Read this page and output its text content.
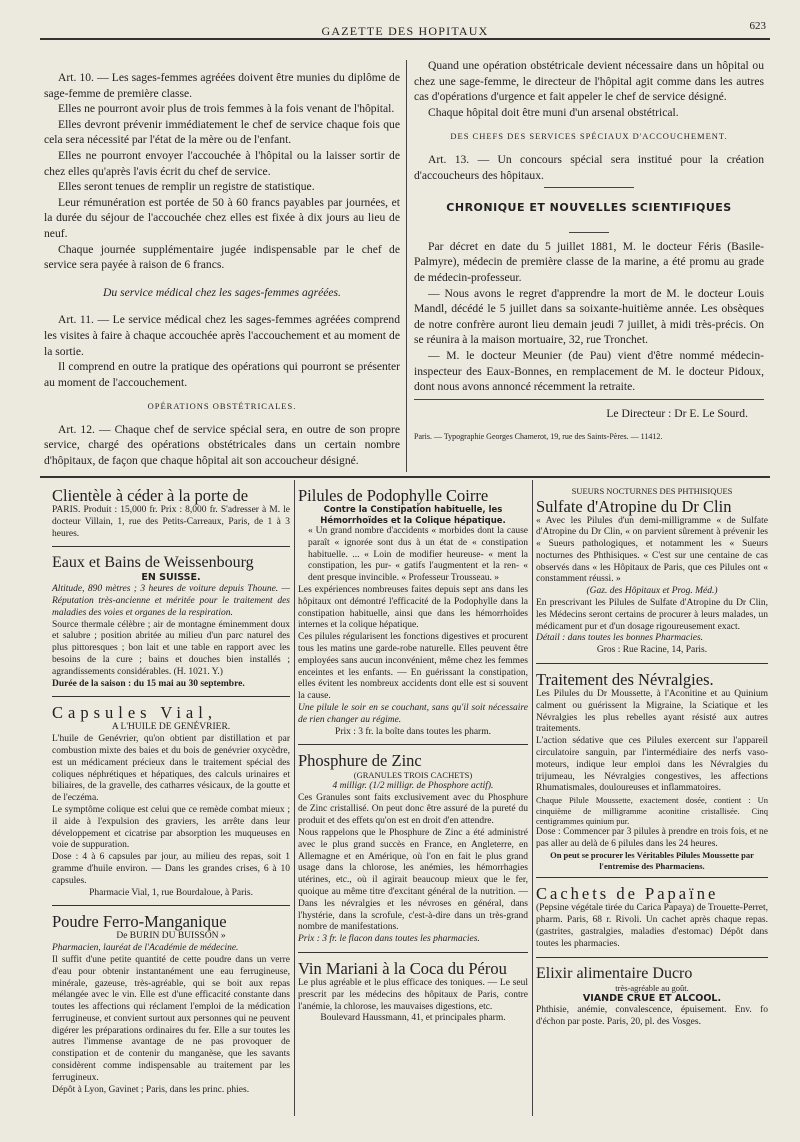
GAZETTE DES HOPITAUX	623

Art. 10. — Les sages-femmes agréées doivent être munies du diplôme de sage-femme de première classe.

Elles ne pourront avoir plus de trois femmes à la fois venant de l'hôpital.

Elles devront prévenir immédiatement le chef de service chaque fois que cela sera nécessité par l'état de la mère ou de l'enfant.

Elles ne pourront envoyer l'accouchée à l'hôpital ou la laisser sortir de chez elles qu'après l'avis écrit du chef de service.

Elles seront tenues de remplir un registre de statistique.

Leur rémunération est portée de 50 à 60 francs payables par journées, et la durée du séjour de l'accouchée chez elles est fixée à dix jours au lieu de neuf.

Chaque journée supplémentaire jugée indispensable par le chef de service sera payée à raison de 6 francs.

Du service médical chez les sages-femmes agréées.

Art. 11. — Le service médical chez les sages-femmes agréées comprend les visites à faire à chaque accouchée après l'accouchement et au moment de la sortie.

Il comprend en outre la pratique des opérations qui pourront se présenter au moment de l'accouchement.

OPÉRATIONS OBSTÉTRICALES.

Art. 12. — Chaque chef de service spécial sera, en outre de son propre service, chargé des opérations obstétricales dans un certain nombre d'hôpitaux, de façon que chaque hôpital ait son accoucheur désigné.

Quand une opération obstétricale devient nécessaire dans un hôpital ou chez une sage-femme, le directeur de l'hôpital agit comme dans les autres cas d'opérations d'urgence et fait appeler le chef de service désigné.

Chaque hôpital doit être muni d'un arsenal obstétrical.

DES CHEFS DES SERVICES SPÉCIAUX D'ACCOUCHEMENT.

Art. 13. — Un concours spécial sera institué pour la création d'accoucheurs des hôpitaux.

CHRONIQUE ET NOUVELLES SCIENTIFIQUES

Par décret en date du 5 juillet 1881, M. le docteur Féris (Basile-Palmyre), médecin de première classe de la marine, a été promu au grade de médecin-professeur.

— Nous avons le regret d'apprendre la mort de M. le docteur Louis Mandl, décédé le 5 juillet dans sa soixante-huitième année. Les obsèques de notre confrère auront lieu demain jeudi 7 juillet, à midi très-précis. On se réunira à la maison mortuaire, 32, rue Tronchet.

— M. le docteur Meunier (de Pau) vient d'être nommé médecin-inspecteur des Eaux-Bonnes, en remplacement de M. le docteur Pidoux, dont nous avons annoncé récemment la retraite.

Le Directeur : Dr E. Le Sourd.
Paris. — Typographie Georges Chamerot, 19, rue des Saints-Pères. — 11412.
Clientèle à céder à la porte de

PARIS. Produit : 15,000 fr. Prix : 8,000 fr. S'adresser à M. le docteur Villain, 1, rue des Petits-Carreaux, Paris, de 1 à 3 heures.

Eaux et Bains de Weissenbourg
EN SUISSE.

Altitude, 890 mètres ; 3 heures de voiture depuis Thoune. — Réputation très-ancienne et méritée pour le traitement des maladies des voies et organes de la respiration.

Source thermale célèbre ; air de montagne éminemment doux et salubre ; position abritée au milieu d'un parc naturel des plus pittoresques ; bon lait et une table en rapport avec les besoins de la cure ; bains et douches bien installés ; agrandissements considérables. (H. 1021. Y.)

Durée de la saison : du 15 mai au 30 septembre.

Capsules Vial,
A L'HUILE DE GENÉVRIER.

L'huile de Genévrier, qu'on obtient par distillation et par combustion mixte des baies et du bois de genévrier oxycèdre, est un médicament précieux dans le traitement spécial des coliques néphrétiques et hépatiques, des calculs urinaires et biliaires, de la gravelle, des catharres vésicaux, de la goutte et de l'eczéma.

Le symptôme colique est celui que ce remède combat mieux ; il aide à l'expulsion des graviers, les arrête dans leur développement et cicatrise par absorption les muqueuses en voie de suppuration.

Dose : 4 à 6 capsules par jour, au milieu des repas, soit 1 gramme d'huile environ. — Dans les grandes crises, 6 à 10 capsules.

Pharmacie Vial, 1, rue Bourdaloue, à Paris.

Poudre Ferro-Manganique
De BURIN DU BUISSON »

Pharmacien, lauréat de l'Académie de médecine.

Il suffit d'une petite quantité de cette poudre dans un verre d'eau pour obtenir instantanément une eau ferrugineuse, minérale, gazeuse, très-agréable, qui se boit aux repas mélangée avec le vin. Elle est d'une efficacité constante dans toutes les affections qui réclament l'emploi de la médication ferrugineuse, et convient surtout aux personnes qui ne peuvent digérer les préparations ordinaires du fer. Elle a sur toutes les autres l'immense avantage de ne pas provoquer de constipation et de contenir du manganèse, que les savants considèrent comme indispensable au traitement par les ferrugineux.

Dépôt à Lyon, Gavinet ; Paris, dans les princ. phies.

Pilules de Podophylle Coirre
Contre la Constipation habituelle, les Hémorrhoïdes et la Colique hépatique.

« Un grand nombre d'accidents « morbides dont la cause paraît « ignorée sont dus à un état de « constipation habituelle. ... « Loin de modifier heureuse- « ment la constipation, les pur- « gatifs l'augmentent et la ren- « dent presque invincible. « Professeur Trousseau. »

Les expériences nombreuses faites depuis sept ans dans les hôpitaux ont démontré l'efficacité de la Podophylle dans la constipation habituelle, ainsi que dans les hémorrhoïdes internes et la colique hépatique.

Ces pilules régularisent les fonctions digestives et procurent tous les matins une garde-robe naturelle. Elles peuvent être employées sans aucun inconvénient, même chez les femmes enceintes et les enfants. — En guérissant la constipation, elles évitent les nombreux accidents dont elle est si souvent la cause.

Une pilule le soir en se couchant, sans qu'il soit nécessaire de rien changer au régime.

Prix : 3 fr. la boîte dans toutes les pharm.

Phosphure de Zinc
(GRANULES TROIS CACHETS)

4 milligr. (1/2 milligr. de Phosphore actif).

Ces Granules sont faits exclusivement avec du Phosphure de Zinc cristallisé. On peut donc être assuré de la pureté du produit et des effets qu'on est en droit d'en attendre.

Nous rappelons que le Phosphure de Zinc a été administré avec le plus grand succès en France, en Angleterre, en Allemagne et en Amérique, où l'on en fait le plus grand usage dans la chlorose, les anémies, les hémorrhagies utérines, etc., où il agirait beaucoup mieux que le fer, quoique au même titre d'excitant général de la nutrition. — Dans les névralgies et les névroses en général, dans l'hystérie, dans la scrofule, c'est-à-dire dans un très-grand nombre de manifestations.

Prix : 3 fr. le flacon dans toutes les pharmacies.

Vin Mariani à la Coca du Pérou

Le plus agréable et le plus efficace des toniques. — Le seul prescrit par les médecins des hôpitaux de Paris, contre l'anémie, la chlorose, les mauvaises digestions, etc.

Boulevard Haussmann, 41, et principales pharm.

SUEURS NOCTURNES DES PHTHISIQUES
Sulfate d'Atropine du Dr Clin

« Avec les Pilules d'un demi-milligramme « de Sulfate d'Atropine du Dr Clin, « on parvient sûrement à prévenir les « Sueurs pathologiques, et notamment les « Sueurs nocturnes des Phthisiques. « C'est sur une centaine de cas observés dans « les Hôpitaux de Paris, que ces Pilules ont « constamment réussi. »

(Gaz. des Hôpitaux et Prog. Méd.)

En prescrivant les Pilules de Sulfate d'Atropine du Dr Clin, les Médecins seront certains de procurer à leurs malades, un médicament pur et d'un dosage rigoureusement exact.

Détail : dans toutes les bonnes Pharmacies.

Gros : Rue Racine, 14, Paris.

Traitement des Névralgies.

Les Pilules du Dr Moussette, à l'Aconitine et au Quinium calment ou guérissent la Migraine, la Sciatique et les Névralgies les plus rebelles ayant résisté aux autres traitements.

L'action sédative que ces Pilules exercent sur l'appareil circulatoire sanguin, par l'intermédiaire des nerfs vaso-moteurs, indique leur emploi dans les Névralgies du trijumeau, les Névralgies congestives, les affections Rhumatismales, douloureuses et inflammatoires.

Chaque Pilule Moussette, exactement dosée, contient : Un cinquième de milligramme aconitine cristallisée. Cinq centigrammes quinium pur.

Dose : Commencer par 3 pilules à prendre en trois fois, et ne pas aller au delà de 6 pilules dans les 24 heures.

On peut se procurer les Véritables Pilules Moussette par l'entremise des Pharmaciens.

Cachets de Papaïne

(Pepsine végétale tirée du Carica Papaya) de Trouette-Perret, pharm. Paris, 68 r. Rivoli. Un cachet après chaque repas. (gastrites, gastralgies, maladies d'estomac) Dépôt dans toutes les pharmacies.

Elixir alimentaire Ducro
très-agréable au goût.
VIANDE CRUE ET ALCOOL.

Phthisie, anémie, convalescence, épuisement. Env. fo d'échon par poste. Paris, 20, pl. des Vosges.
